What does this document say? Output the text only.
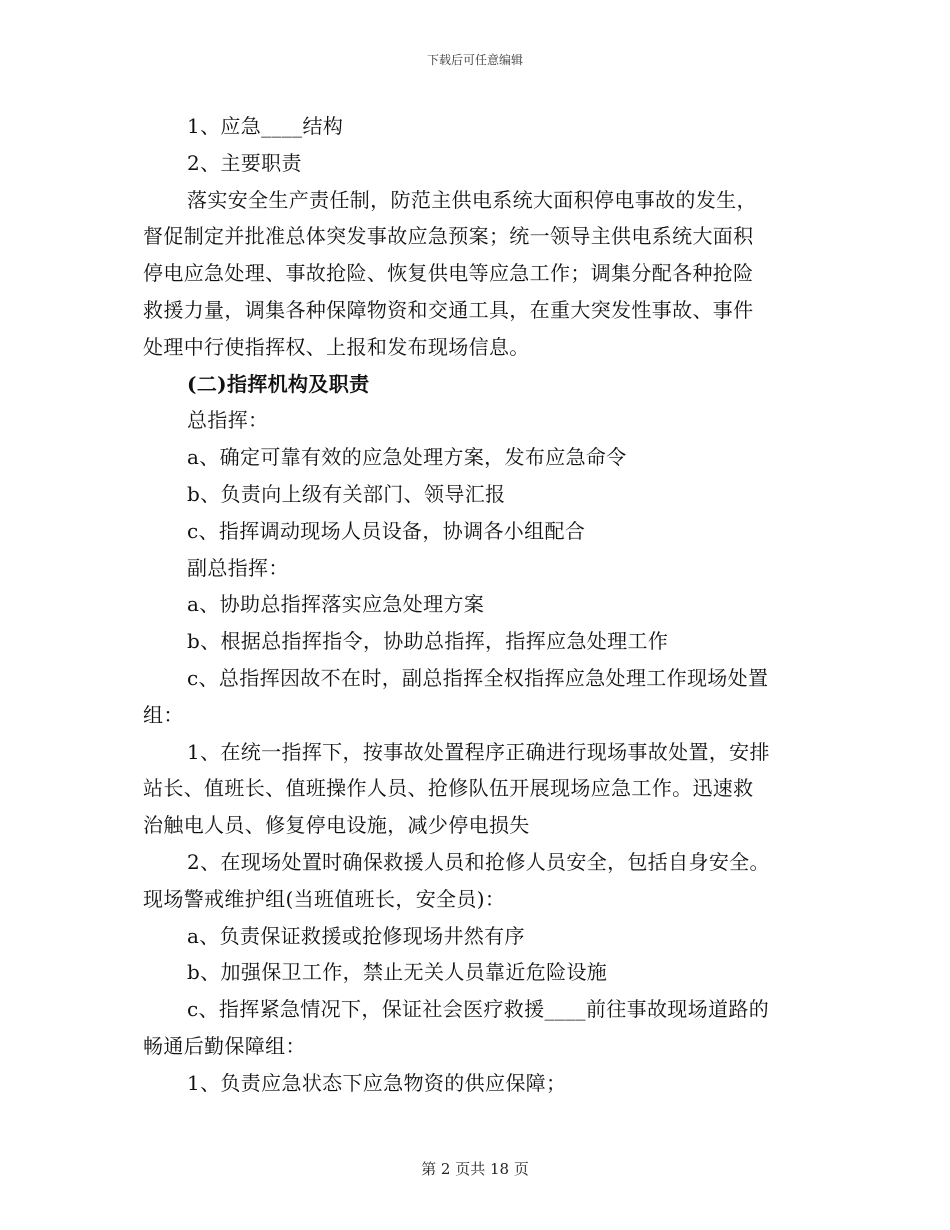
下载后可任意编辑
1、应急____结构
2、主要职责
落实安全生产责任制，防范主供电系统大面积停电事故的发生，
督促制定并批准总体突发事故应急预案；统一领导主供电系统大面积
停电应急处理、事故抢险、恢复供电等应急工作；调集分配各种抢险
救援力量，调集各种保障物资和交通工具，在重大突发性事故、事件
处理中行使指挥权、上报和发布现场信息。
(二)指挥机构及职责
总指挥：
a、确定可靠有效的应急处理方案，发布应急命令
b、负责向上级有关部门、领导汇报
c、指挥调动现场人员设备，协调各小组配合
副总指挥：
a、协助总指挥落实应急处理方案
b、根据总指挥指令，协助总指挥，指挥应急处理工作
c、总指挥因故不在时，副总指挥全权指挥应急处理工作现场处置
组：
1、在统一指挥下，按事故处置程序正确进行现场事故处置，安排
站长、值班长、值班操作人员、抢修队伍开展现场应急工作。迅速救
治触电人员、修复停电设施，减少停电损失
2、在现场处置时确保救援人员和抢修人员安全，包括自身安全。
现场警戒维护组(当班值班长，安全员)：
a、负责保证救援或抢修现场井然有序
b、加强保卫工作，禁止无关人员靠近危险设施
c、指挥紧急情况下，保证社会医疗救援____前往事故现场道路的
畅通后勤保障组：
1、负责应急状态下应急物资的供应保障；
第 2 页共 18 页
